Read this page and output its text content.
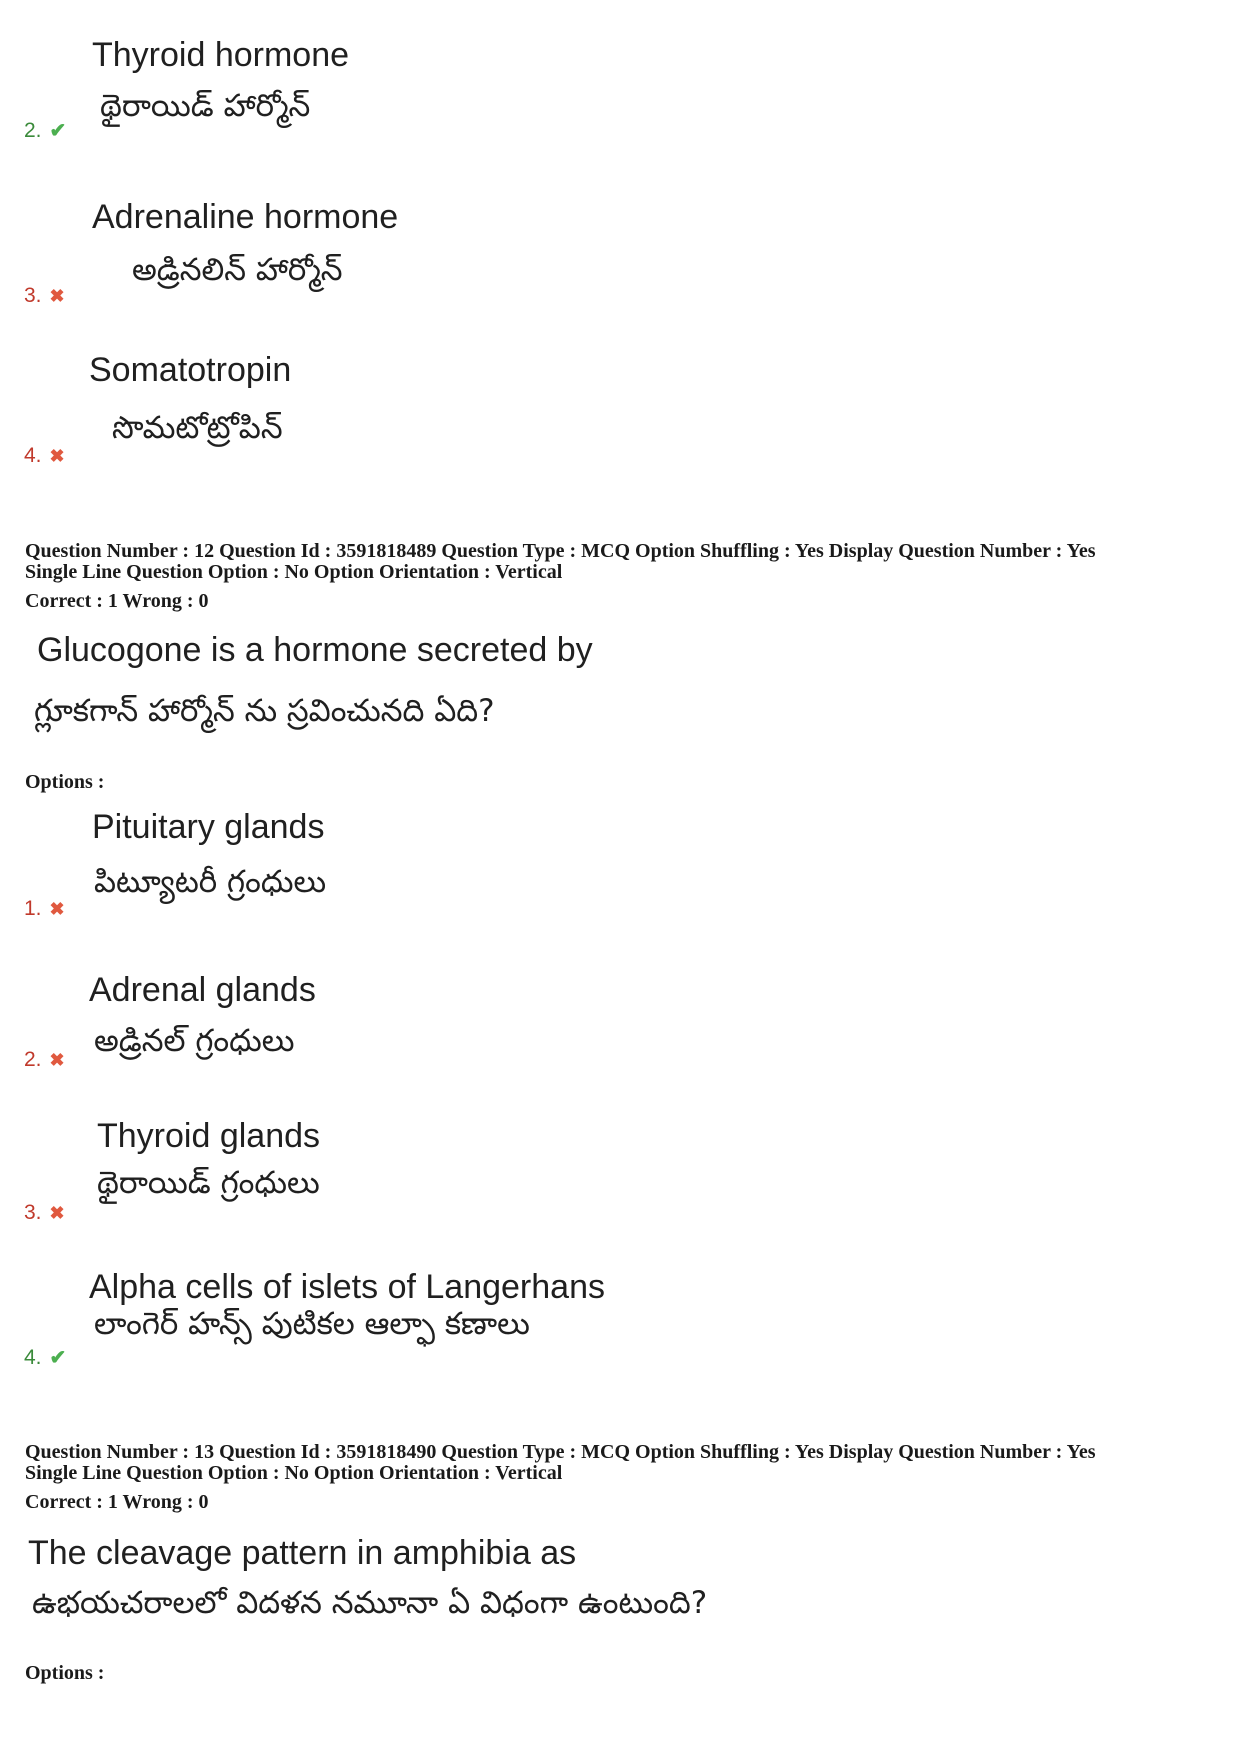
Thyroid hormone
థైరాయిడ్ హార్మోన్
2. ✔
Adrenaline hormone
అడ్రినలిన్ హార్మోన్
3. ✖
Somatotropin
సొమటోట్రోపిన్
4. ✖
Question Number : 12 Question Id : 3591818489 Question Type : MCQ Option Shuffling : Yes Display Question Number : Yes
Single Line Question Option : No Option Orientation : Vertical
Correct : 1 Wrong : 0
Glucogone is a hormone secreted by
గ్లూకగాన్ హార్మోన్ ను స్రవించునది ఏది?
Options :
Pituitary glands
పిట్యూటరీ గ్రంధులు
1. ✖
Adrenal glands
అడ్రినల్ గ్రంధులు
2. ✖
Thyroid glands
థైరాయిడ్ గ్రంధులు
3. ✖
Alpha cells of islets of Langerhans
లాంగెర్ హన్స్ పుటికల ఆల్ఫా కణాలు
4. ✔
Question Number : 13 Question Id : 3591818490 Question Type : MCQ Option Shuffling : Yes Display Question Number : Yes
Single Line Question Option : No Option Orientation : Vertical
Correct : 1 Wrong : 0
The cleavage pattern in amphibia as
ఉభయచరాలలో విదళన నమూనా ఏ విధంగా ఉంటుంది?
Options :
